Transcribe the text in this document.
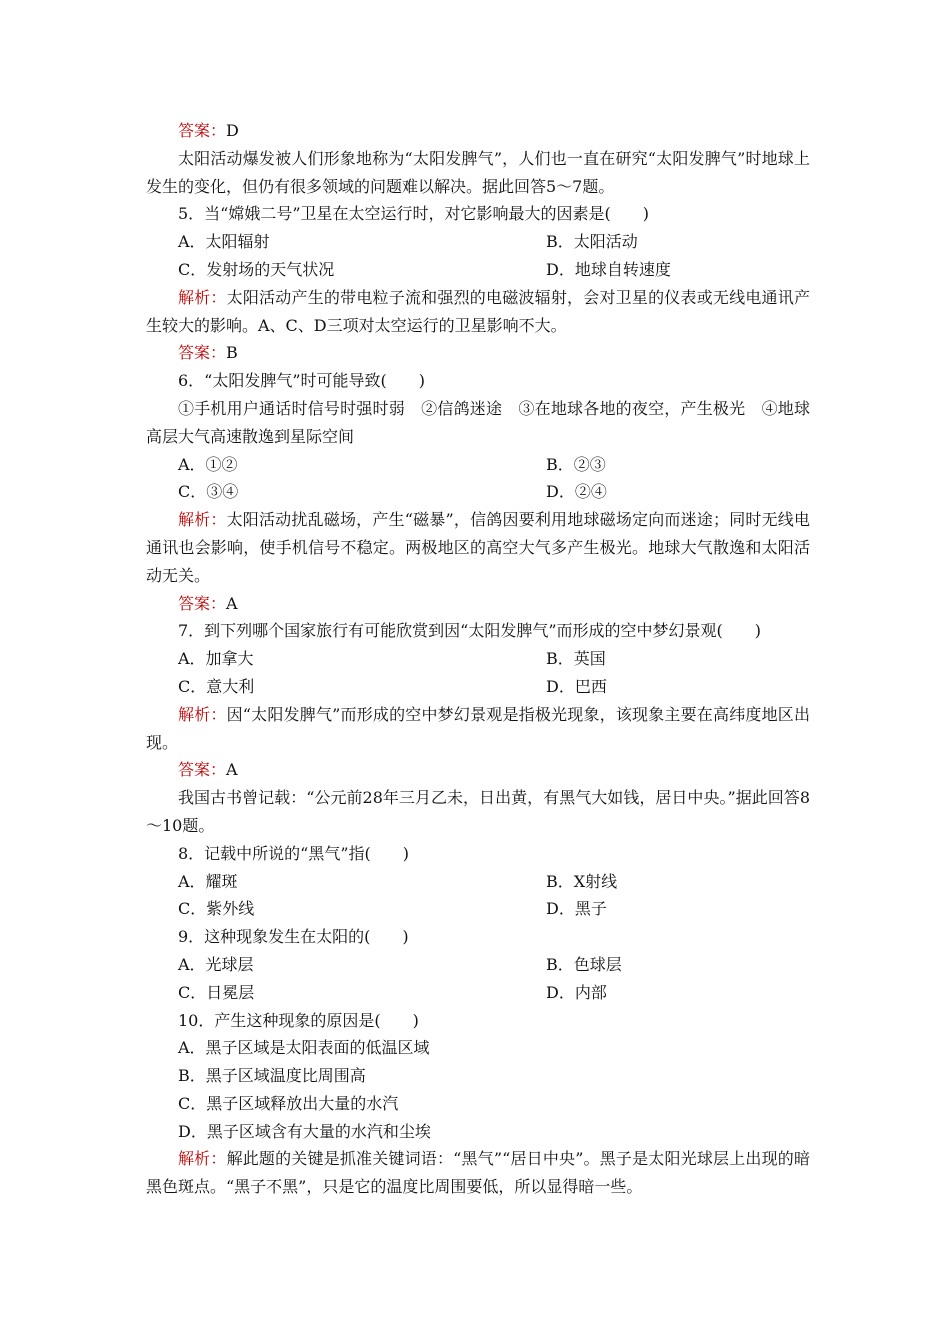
答案：D
太阳活动爆发被人们形象地称为“太阳发脾气”，人们也一直在研究“太阳发脾气”时地球上发生的变化，但仍有很多领域的问题难以解决。据此回答5～7题。
5．当“嫦娥二号”卫星在太空运行时，对它影响最大的因素是(　　)
A．太阳辐射	B．太阳活动
C．发射场的天气状况	D．地球自转速度
解析：太阳活动产生的带电粒子流和强烈的电磁波辐射，会对卫星的仪表或无线电通讯产生较大的影响。A、C、D三项对太空运行的卫星影响不大。
答案：B
6．“太阳发脾气”时可能导致(　　)
①手机用户通话时信号时强时弱　②信鸽迷途　③在地球各地的夜空，产生极光　④地球高层大气高速散逸到星际空间
A．①②	B．②③
C．③④	D．②④
解析：太阳活动扰乱磁场，产生“磁暴”，信鸽因要利用地球磁场定向而迷途；同时无线电通讯也会影响，使手机信号不稳定。两极地区的高空大气多产生极光。地球大气散逸和太阳活动无关。
答案：A
7．到下列哪个国家旅行有可能欣赏到因“太阳发脾气”而形成的空中梦幻景观(　　)
A．加拿大	B．英国
C．意大利	D．巴西
解析：因“太阳发脾气”而形成的空中梦幻景观是指极光现象，该现象主要在高纬度地区出现。
答案：A
我国古书曾记载：“公元前28年三月乙未，日出黄，有黑气大如钱，居日中央。”据此回答8～10题。
8．记载中所说的“黑气”指(　　)
A．耀斑	B．X射线
C．紫外线	D．黑子
9．这种现象发生在太阳的(　　)
A．光球层	B．色球层
C．日冕层	D．内部
10．产生这种现象的原因是(　　)
A．黑子区域是太阳表面的低温区域
B．黑子区域温度比周围高
C．黑子区域释放出大量的水汽
D．黑子区域含有大量的水汽和尘埃
解析：解此题的关键是抓准关键词语：“黑气”“居日中央”。黑子是太阳光球层上出现的暗黑色斑点。“黑子不黑”，只是它的温度比周围要低，所以显得暗一些。
